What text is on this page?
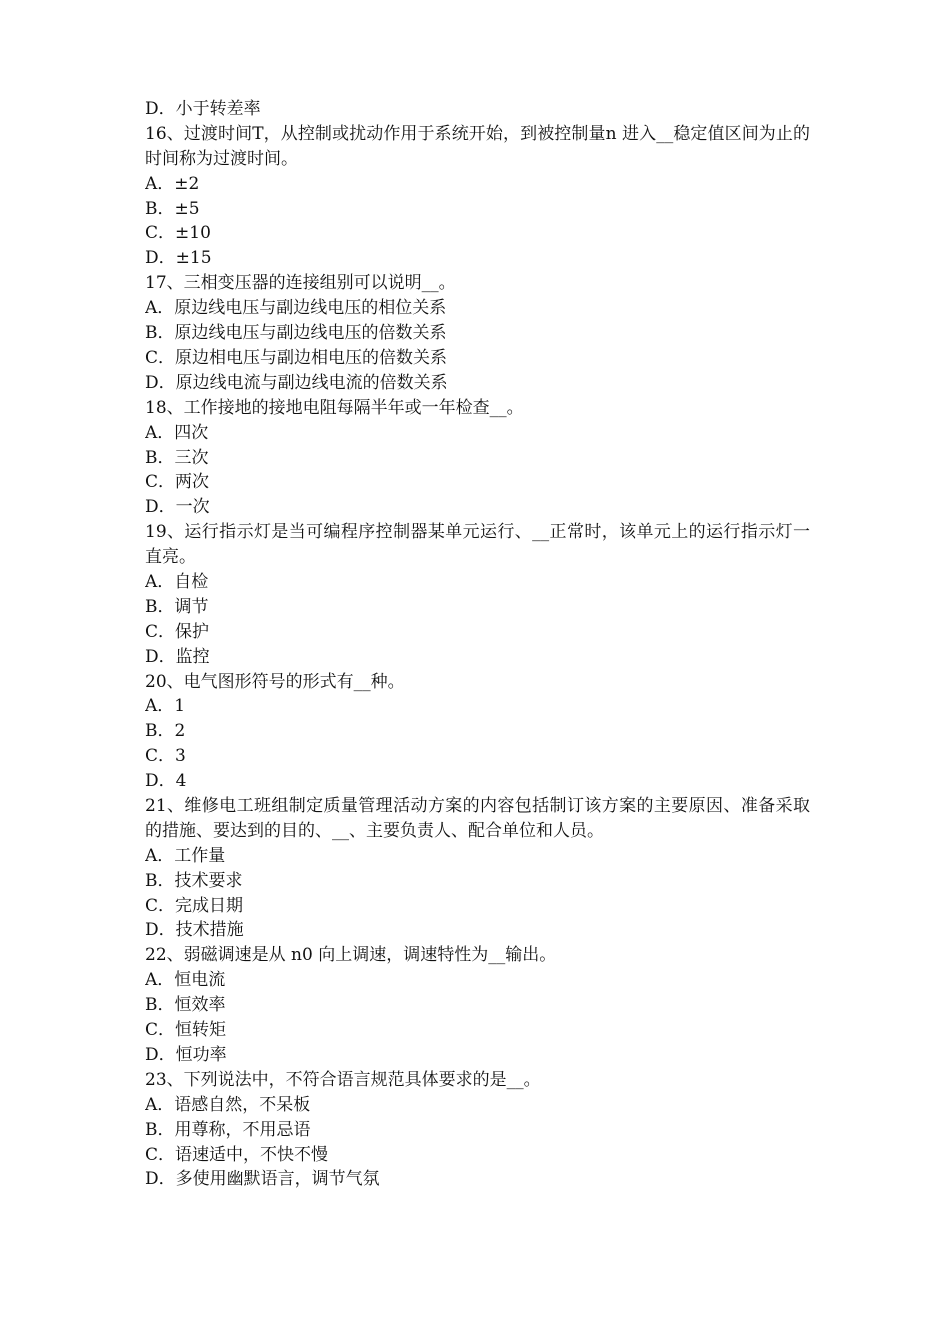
D．小于转差率
16、过渡时间T，从控制或扰动作用于系统开始，到被控制量n 进入__稳定值区间为止的时间称为过渡时间。
A．±2
B．±5
C．±10
D．±15
17、三相变压器的连接组别可以说明__。
A．原边线电压与副边线电压的相位关系
B．原边线电压与副边线电压的倍数关系
C．原边相电压与副边相电压的倍数关系
D．原边线电流与副边线电流的倍数关系
18、工作接地的接地电阻每隔半年或一年检查__。
A．四次
B．三次
C．两次
D．一次
19、运行指示灯是当可编程序控制器某单元运行、__正常时，该单元上的运行指示灯一直亮。
A．自检
B．调节
C．保护
D．监控
20、电气图形符号的形式有__种。
A．1
B．2
C．3
D．4
21、维修电工班组制定质量管理活动方案的内容包括制订该方案的主要原因、准备采取的措施、要达到的目的、__、主要负责人、配合单位和人员。
A．工作量
B．技术要求
C．完成日期
D．技术措施
22、弱磁调速是从 n0 向上调速，调速特性为__输出。
A．恒电流
B．恒效率
C．恒转矩
D．恒功率
23、下列说法中，不符合语言规范具体要求的是__。
A．语感自然，不呆板
B．用尊称，不用忌语
C．语速适中，不快不慢
D．多使用幽默语言，调节气氛
